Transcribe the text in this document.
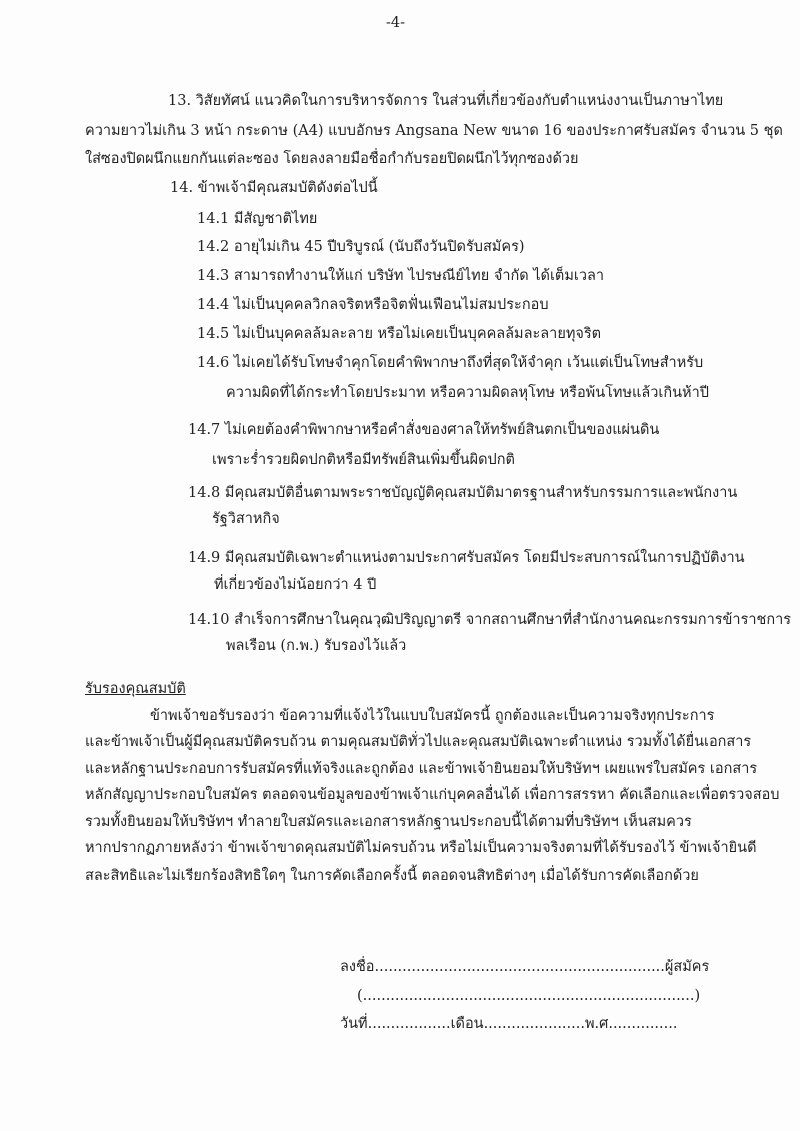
-4-
13. วิสัยทัศน์ แนวคิดในการบริหารจัดการ ในส่วนที่เกี่ยวข้องกับตำแหน่งงานเป็นภาษาไทย
ความยาวไม่เกิน 3 หน้า กระดาษ (A4) แบบอักษร Angsana New ขนาด 16 ของประกาศรับสมัคร จำนวน 5 ชุด
ใส่ซองปิดผนึกแยกกันแต่ละซอง โดยลงลายมือชื่อกำกับรอยปิดผนึกไว้ทุกซองด้วย
14. ข้าพเจ้ามีคุณสมบัติดังต่อไปนี้
14.1 มีสัญชาติไทย
14.2 อายุไม่เกิน 45 ปีบริบูรณ์ (นับถึงวันปิดรับสมัคร)
14.3 สามารถทำงานให้แก่ บริษัท ไปรษณีย์ไทย จำกัด ได้เต็มเวลา
14.4 ไม่เป็นบุคคลวิกลจริตหรือจิตฟั่นเฟือนไม่สมประกอบ
14.5 ไม่เป็นบุคคลล้มละลาย หรือไม่เคยเป็นบุคคลล้มละลายทุจริต
14.6 ไม่เคยได้รับโทษจำคุกโดยคำพิพากษาถึงที่สุดให้จำคุก เว้นแต่เป็นโทษสำหรับ
ความผิดที่ได้กระทำโดยประมาท หรือความผิดลหุโทษ หรือพ้นโทษแล้วเกินห้าปี
14.7 ไม่เคยต้องคำพิพากษาหรือคำสั่งของศาลให้ทรัพย์สินตกเป็นของแผ่นดิน
เพราะร่ำรวยผิดปกติหรือมีทรัพย์สินเพิ่มขึ้นผิดปกติ
14.8 มีคุณสมบัติอื่นตามพระราชบัญญัติคุณสมบัติมาตรฐานสำหรับกรรมการและพนักงาน
รัฐวิสาหกิจ
14.9 มีคุณสมบัติเฉพาะตำแหน่งตามประกาศรับสมัคร โดยมีประสบการณ์ในการปฏิบัติงาน
ที่เกี่ยวข้องไม่น้อยกว่า 4 ปี
14.10 สำเร็จการศึกษาในคุณวุฒิปริญญาตรี จากสถานศึกษาที่สำนักงานคณะกรรมการข้าราชการ
พลเรือน (ก.พ.) รับรองไว้แล้ว
รับรองคุณสมบัติ
ข้าพเจ้าขอรับรองว่า ข้อความที่แจ้งไว้ในแบบใบสมัครนี้ ถูกต้องและเป็นความจริงทุกประการ
และข้าพเจ้าเป็นผู้มีคุณสมบัติครบถ้วน ตามคุณสมบัติทั่วไปและคุณสมบัติเฉพาะตำแหน่ง รวมทั้งได้ยื่นเอกสาร
และหลักฐานประกอบการรับสมัครที่แท้จริงและถูกต้อง และข้าพเจ้ายินยอมให้บริษัทฯ เผยแพร่ใบสมัคร เอกสาร
หลักสัญญาประกอบใบสมัคร ตลอดจนข้อมูลของข้าพเจ้าแก่บุคคลอื่นได้ เพื่อการสรรหา คัดเลือกและเพื่อตรวจสอบ
รวมทั้งยินยอมให้บริษัทฯ ทำลายใบสมัครและเอกสารหลักฐานประกอบนี้ได้ตามที่บริษัทฯ เห็นสมควร
หากปรากฏภายหลังว่า ข้าพเจ้าขาดคุณสมบัติไม่ครบถ้วน หรือไม่เป็นความจริงตามที่ได้รับรองไว้ ข้าพเจ้ายินดี
สละสิทธิและไม่เรียกร้องสิทธิใดๆ ในการคัดเลือกครั้งนี้ ตลอดจนสิทธิต่างๆ เมื่อได้รับการคัดเลือกด้วย
ลงชื่อ...............................................................ผู้สมัคร
(........................................................................)
วันที่..................เดือน......................พ.ศ...............
